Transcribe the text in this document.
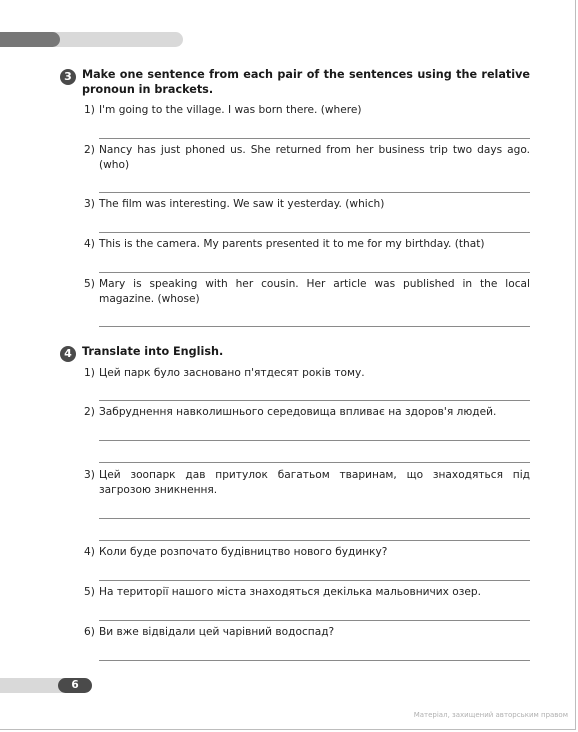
3 Make one sentence from each pair of the sentences using the relative pronoun in brackets.
1) I'm going to the village. I was born there. (where)
2) Nancy has just phoned us. She returned from her business trip two days ago. (who)
3) The film was interesting. We saw it yesterday. (which)
4) This is the camera. My parents presented it to me for my birthday. (that)
5) Mary is speaking with her cousin. Her article was published in the local magazine. (whose)
4 Translate into English.
1) Цей парк було засновано п'ятдесят років тому.
2) Забруднення навколишнього середовища впливає на здоров'я людей.
3) Цей зоопарк дав притулок багатьом тваринам, що знаходяться під загрозою зникнення.
4) Коли буде розпочато будівництво нового будинку?
5) На території нашого міста знаходяться декілька мальовничих озер.
6) Ви вже відвідали цей чарівний водоспад?
6
Матеріал, захищений авторським правом
